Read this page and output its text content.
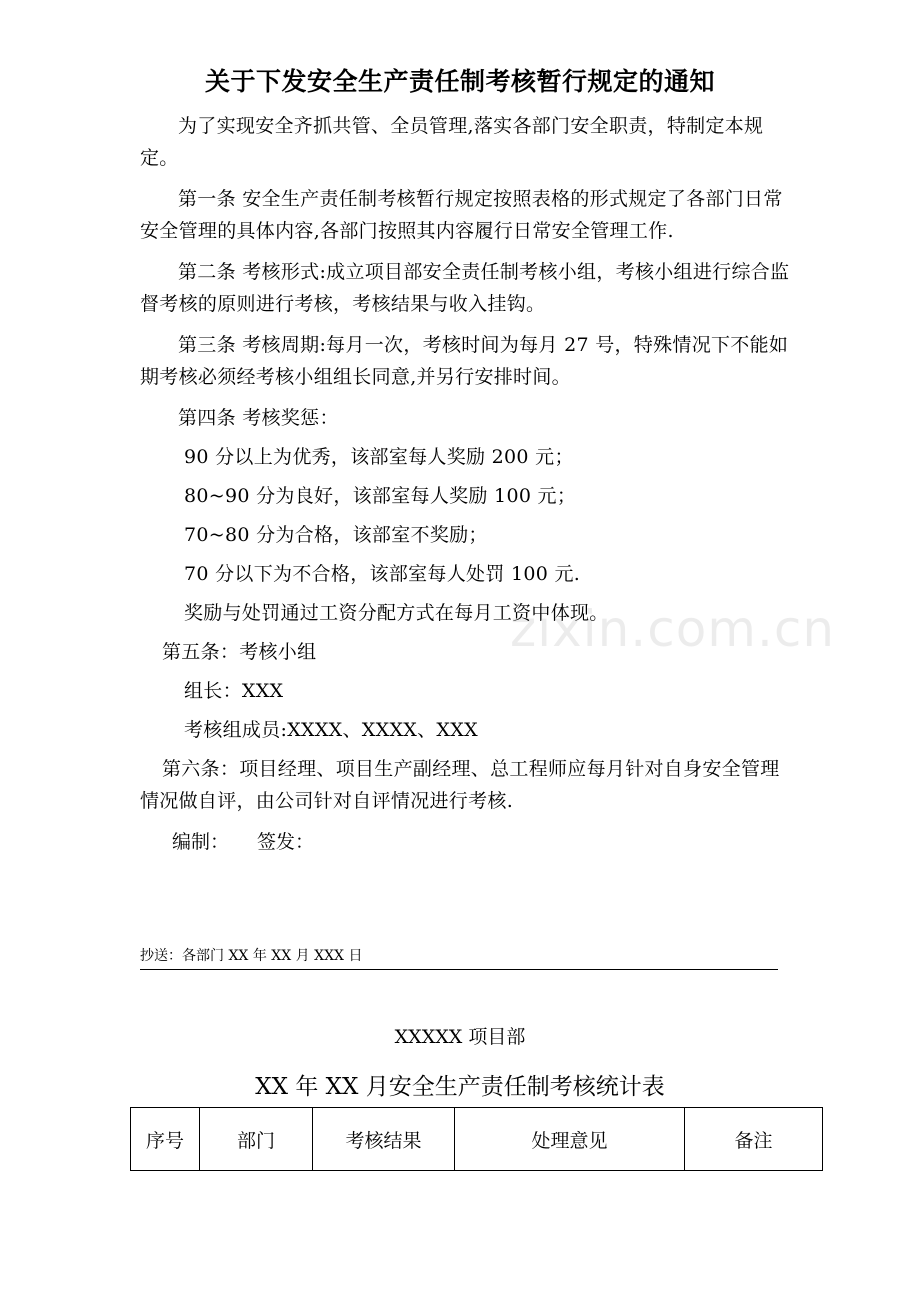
关于下发安全生产责任制考核暂行规定的通知

为了实现安全齐抓共管、全员管理,落实各部门安全职责，特制定本规定。

第一条 安全生产责任制考核暂行规定按照表格的形式规定了各部门日常安全管理的具体内容,各部门按照其内容履行日常安全管理工作.

第二条 考核形式:成立项目部安全责任制考核小组，考核小组进行综合监督考核的原则进行考核，考核结果与收入挂钩。

第三条 考核周期:每月一次，考核时间为每月 27 号，特殊情况下不能如期考核必须经考核小组组长同意,并另行安排时间。

第四条 考核奖惩：

90 分以上为优秀，该部室每人奖励 200 元；

80~90 分为良好，该部室每人奖励 100 元；

70~80 分为合格，该部室不奖励；

70 分以下为不合格，该部室每人处罚 100 元.

奖励与处罚通过工资分配方式在每月工资中体现。

第五条：考核小组

组长：XXX

考核组成员:XXXX、XXXX、XXX

第六条：项目经理、项目生产副经理、总工程师应每月针对自身安全管理情况做自评，由公司针对自评情况进行考核.

编制： 签发：
抄送：各部门 XX 年 XX 月 XXX 日
zixin.com.cn
XXXXX 项目部
XX 年 XX 月安全生产责任制考核统计表
序号	部门	考核结果	处理意见	备注
